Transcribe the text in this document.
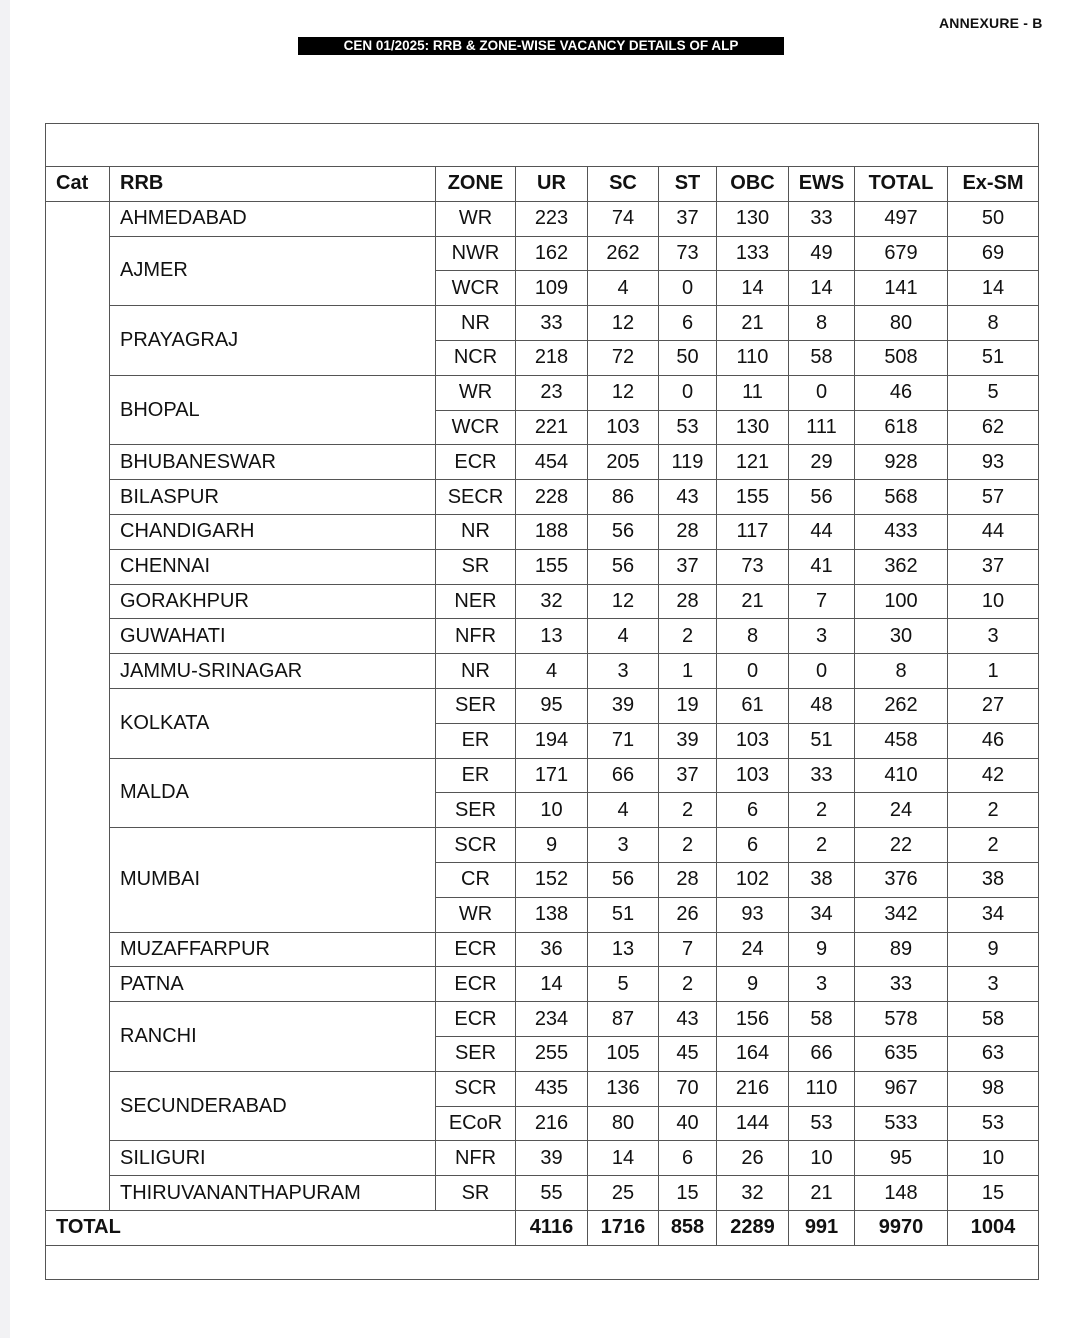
ANNEXURE - B
CEN 01/2025: RRB & ZONE-WISE VACANCY DETAILS OF ALP

Cat	RRB	ZONE	UR	SC	ST	OBC	EWS	TOTAL	Ex-SM
	AHMEDABAD	WR	223	74	37	130	33	497	50
	AJMER	NWR	162	262	73	133	49	679	69
		WCR	109	4	0	14	14	141	14
	PRAYAGRAJ	NR	33	12	6	21	8	80	8
		NCR	218	72	50	110	58	508	51
	BHOPAL	WR	23	12	0	11	0	46	5
		WCR	221	103	53	130	111	618	62
	BHUBANESWAR	ECR	454	205	119	121	29	928	93
	BILASPUR	SECR	228	86	43	155	56	568	57
	CHANDIGARH	NR	188	56	28	117	44	433	44
	CHENNAI	SR	155	56	37	73	41	362	37
	GORAKHPUR	NER	32	12	28	21	7	100	10
	GUWAHATI	NFR	13	4	2	8	3	30	3
	JAMMU-SRINAGAR	NR	4	3	1	0	0	8	1
	KOLKATA	SER	95	39	19	61	48	262	27
		ER	194	71	39	103	51	458	46
	MALDA	ER	171	66	37	103	33	410	42
		SER	10	4	2	6	2	24	2
	MUMBAI	SCR	9	3	2	6	2	22	2
		CR	152	56	28	102	38	376	38
		WR	138	51	26	93	34	342	34
	MUZAFFARPUR	ECR	36	13	7	24	9	89	9
	PATNA	ECR	14	5	2	9	3	33	3
	RANCHI	ECR	234	87	43	156	58	578	58
		SER	255	105	45	164	66	635	63
	SECUNDERABAD	SCR	435	136	70	216	110	967	98
		ECoR	216	80	40	144	53	533	53
	SILIGURI	NFR	39	14	6	26	10	95	10
	THIRUVANANTHAPURAM	SR	55	25	15	32	21	148	15
TOTAL			4116	1716	858	2289	991	9970	1004
